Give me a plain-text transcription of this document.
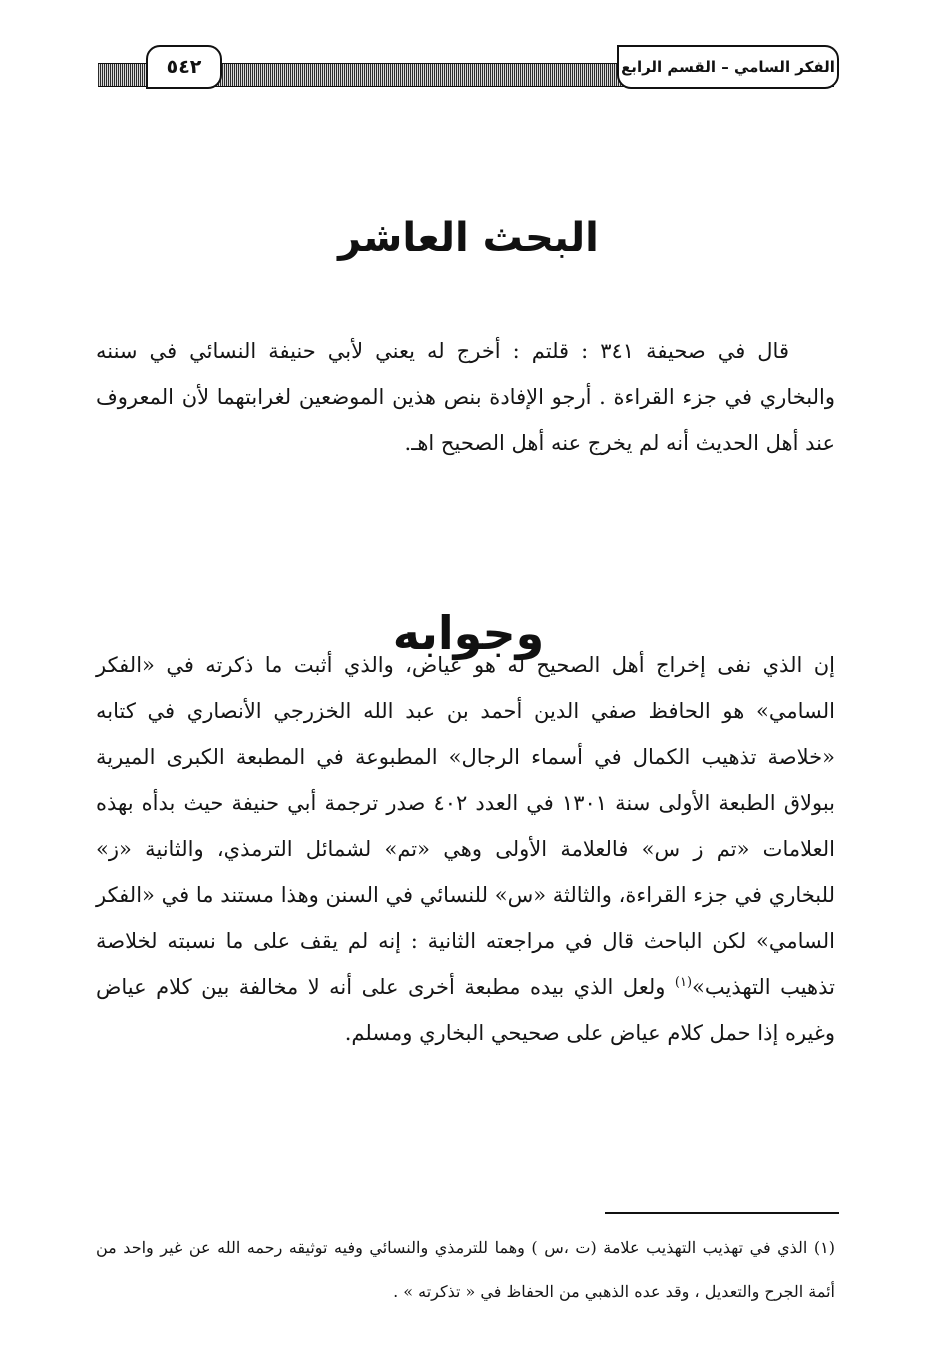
الفكر السامي – القسم الرابع
٥٤٢
البحث العاشر

قال في صحيفة ٣٤١ : قلتم : أخرج له يعني لأبي حنيفة النسائي في سننه والبخاري في جزء القراءة . أرجو الإفادة بنص هذين الموضعين لغرابتهما لأن المعروف عند أهل الحديث أنه لم يخرج عنه أهل الصحيح اهـ.

وجوابه

إن الذي نفى إخراج أهل الصحيح له هو عياض، والذي أثبت ما ذكرته في «الفكر السامي» هو الحافظ صفي الدين أحمد بن عبد الله الخزرجي الأنصاري في كتابه «خلاصة تذهيب الكمال في أسماء الرجال» المطبوعة في المطبعة الكبرى الميرية ببولاق الطبعة الأولى سنة ١٣٠١ في العدد ٤٠٢ صدر ترجمة أبي حنيفة حيث بدأه بهذه العلامات «تم ز س» فالعلامة الأولى وهي «تم» لشمائل الترمذي، والثانية «ز» للبخاري في جزء القراءة، والثالثة «س» للنسائي في السنن وهذا مستند ما في «الفكر السامي» لكن الباحث قال في مراجعته الثانية : إنه لم يقف على ما نسبته لخلاصة تذهيب التهذيب»$^{(١)}$ ولعل الذي بيده مطبعة أخرى على أنه لا مخالفة بين كلام عياض وغيره إذا حمل كلام عياض على صحيحي البخاري ومسلم.

(١) الذي في تهذيب التهذيب علامة (ت ،س ) وهما للترمذي والنسائي وفيه توثيقه رحمه الله عن غير واحد من أئمة الجرح والتعديل ، وقد عده الذهبي من الحفاظ في « تذكرته » .
